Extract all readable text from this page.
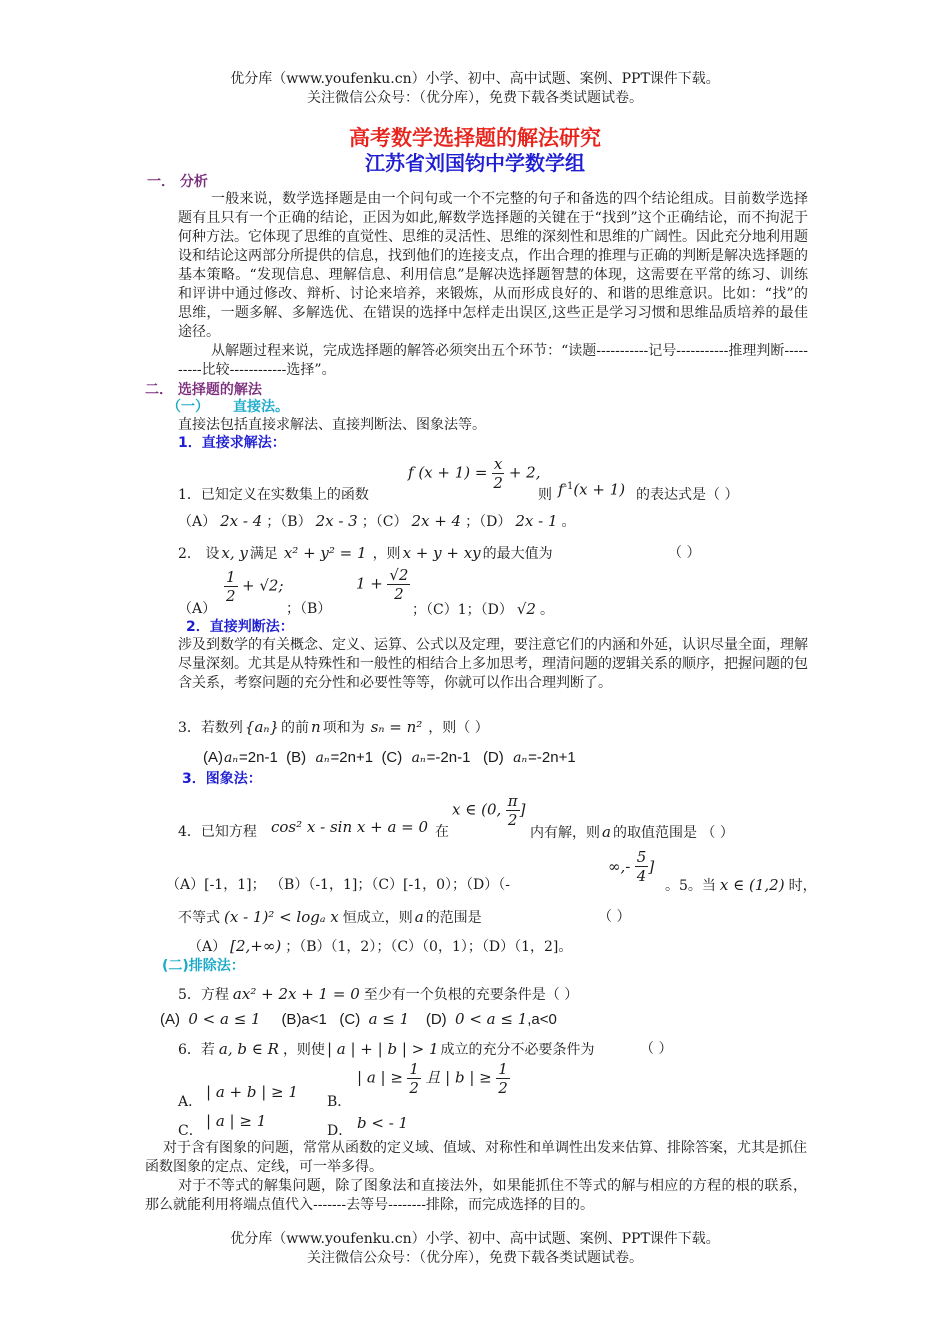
优分库（www.youfenku.cn）小学、初中、高中试题、案例、PPT课件下载。
关注微信公众号：（优分库），免费下载各类试题试卷。
高考数学选择题的解法研究
江苏省刘国钧中学数学组
一． 分析

一般来说，数学选择题是由一个问句或一个不完整的句子和备选的四个结论组成。目前数学选择题有且只有一个正确的结论，正因为如此,解数学选择题的关键在于“找到”这个正确结论，而不拘泥于何种方法。它体现了思维的直觉性、思维的灵活性、思维的深刻性和思维的广阔性。因此充分地利用题设和结论这两部分所提供的信息，找到他们的连接支点，作出合理的推理与正确的判断是解决选择题的基本策略。“发现信息、理解信息、利用信息”是解决选择题智慧的体现，这需要在平常的练习、训练和评讲中通过修改、辩析、讨论来培养，来锻炼，从而形成良好的、和谐的思维意识。比如：“找”的思维，一题多解、多解选优、在错误的选择中怎样走出误区,这些正是学习习惯和思维品质培养的最佳途径。

从解题过程来说，完成选择题的解答必须突出五个环节：“读题-----------记号-----------推理判断----------比较------------选择”。

二． 选择题的解法
（一） 直接法。
直接法包括直接求解法、直接判断法、图象法等。
1．直接求解法：
1．已知定义在实数集上的函数
f $(x + 1) = \frac{x}{2} + 2$,
则 $f^{-1}(x + 1)$ 的表达式是（ ）
（A） 2x - 4 ；（B） 2x - 3 ；（C） 2x + 4 ；（D） 2x - 1 。
2． 设 x, y 满足 x² + y² = 1 ，则 x + y + xy 的最大值为	（ ）
（A）
$\frac{1}{2} + √2$;
；（B）
$1 + \frac{√2}{2}$
；（C）1；（D） √2 。
2．直接判断法：

涉及到数学的有关概念、定义、运算、公式以及定理，要注意它们的内涵和外延，认识尽量全面，理解尽量深刻。尤其是从特殊性和一般性的相结合上多加思考，理清问题的逻辑关系的顺序，把握问题的包含关系，考察问题的充分性和必要性等等，你就可以作出合理判断了。

3．若数列 {aₙ} 的前 n 项和为 sₙ = n² ，则（ ）
(A)aₙ=2n-1 (B) aₙ=2n+1 (C) aₙ=-2n-1 (D) aₙ=-2n+1
3．图象法：
4．已知方程 cos² x - sin x + a = 0 在
x ∈ (0, $\frac{\pi}{2}$ ]
内有解，则 a 的取值范围是 （ ）
（A）[-1，1]； （B）（-1，1]；（C）[-1，0）；（D）（-
∞,- $\frac{5}{4}$ ]
。5。当 x ∈ (1,2) 时，
不等式 (x - 1)² < logₐ x 恒成立，则 a 的范围是	（ ）
（A） [2,+∞) ；（B）（1，2）；（C）（0，1）；（D）（1，2]。
(二)排除法：
5．方程 ax² + 2x + 1 = 0 至少有一个负根的充要条件是（ ）
(A) 0 < a ≤ 1 (B)a<1 (C) a ≤ 1 (D) 0 < a ≤ 1,a<0
6．若 a, b ∈ R ，则使 | a | + | b | > 1 成立的充分不必要条件为	（ ）
A．
| a + b | ≥ 1
B．
| a | ≥ $\frac{1}{2}$ 且 | b | ≥ $\frac{1}{2}$
C．
| a | ≥ 1
D． b < - 1

对于含有图象的问题，常常从函数的定义域、值域、对称性和单调性出发来估算、排除答案，尤其是抓住函数图象的定点、定线，可一举多得。

对于不等式的解集问题，除了图象法和直接法外，如果能抓住不等式的解与相应的方程的根的联系，那么就能利用将端点值代入-------去等号--------排除，而完成选择的目的。

优分库（www.youfenku.cn）小学、初中、高中试题、案例、PPT课件下载。
关注微信公众号：（优分库），免费下载各类试题试卷。
